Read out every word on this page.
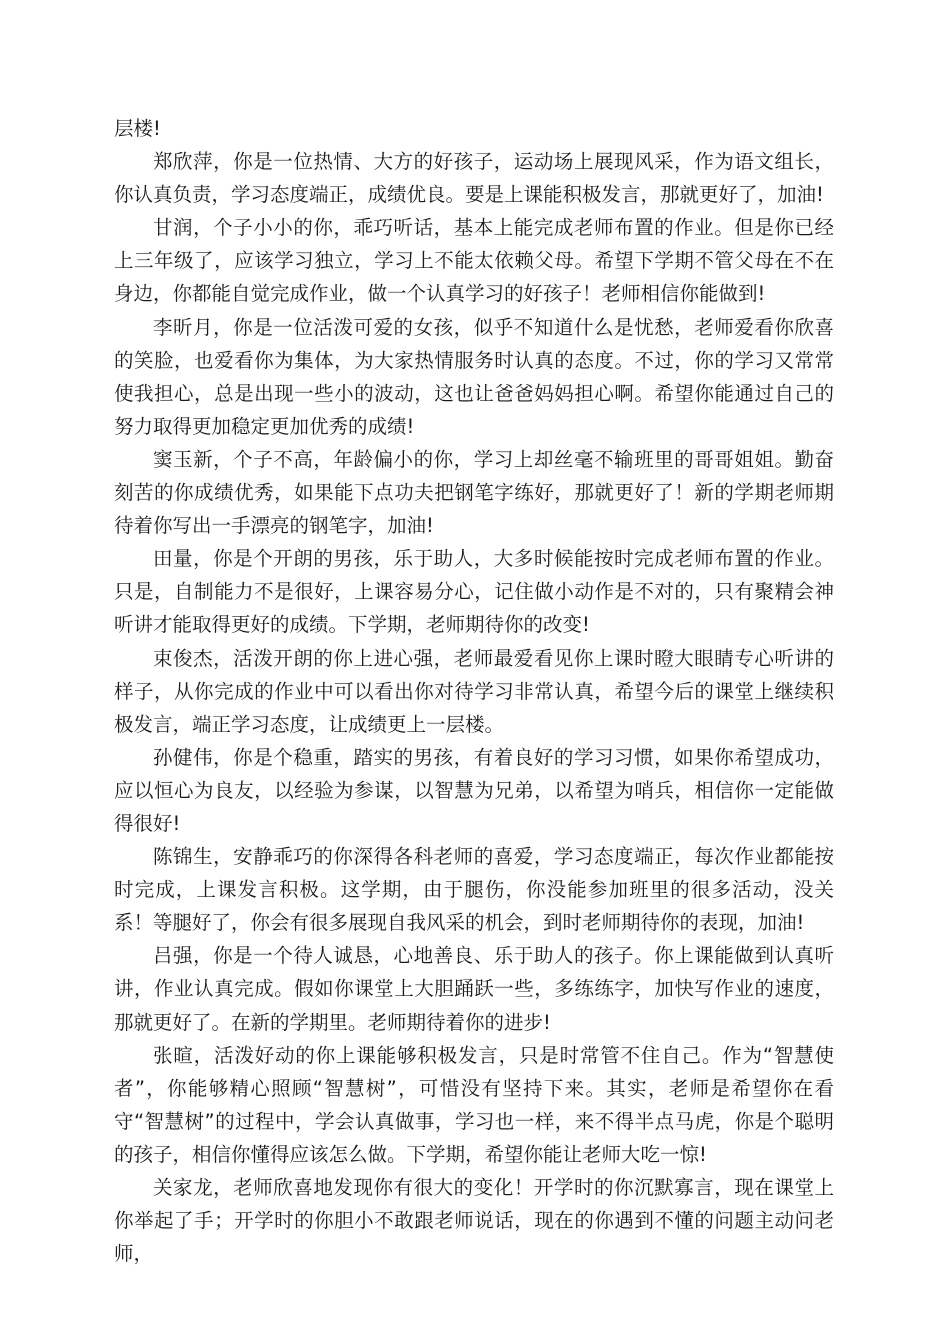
层楼!

郑欣萍，你是一位热情、大方的好孩子，运动场上展现风采，作为语文组长，你认真负责，学习态度端正，成绩优良。要是上课能积极发言，那就更好了，加油!

甘润，个子小小的你，乖巧听话，基本上能完成老师布置的作业。但是你已经上三年级了，应该学习独立，学习上不能太依赖父母。希望下学期不管父母在不在身边，你都能自觉完成作业，做一个认真学习的好孩子！老师相信你能做到!

李昕月，你是一位活泼可爱的女孩，似乎不知道什么是忧愁，老师爱看你欣喜的笑脸，也爱看你为集体，为大家热情服务时认真的态度。不过，你的学习又常常使我担心，总是出现一些小的波动，这也让爸爸妈妈担心啊。希望你能通过自己的努力取得更加稳定更加优秀的成绩!

窦玉新，个子不高，年龄偏小的你，学习上却丝毫不输班里的哥哥姐姐。勤奋刻苦的你成绩优秀，如果能下点功夫把钢笔字练好，那就更好了！新的学期老师期待着你写出一手漂亮的钢笔字，加油!

田量，你是个开朗的男孩，乐于助人，大多时候能按时完成老师布置的作业。只是，自制能力不是很好，上课容易分心，记住做小动作是不对的，只有聚精会神听讲才能取得更好的成绩。下学期，老师期待你的改变!

束俊杰，活泼开朗的你上进心强，老师最爱看见你上课时瞪大眼睛专心听讲的样子，从你完成的作业中可以看出你对待学习非常认真，希望今后的课堂上继续积极发言，端正学习态度，让成绩更上一层楼。

孙健伟，你是个稳重，踏实的男孩，有着良好的学习习惯，如果你希望成功，应以恒心为良友，以经验为参谋，以智慧为兄弟，以希望为哨兵，相信你一定能做得很好!

陈锦生，安静乖巧的你深得各科老师的喜爱，学习态度端正，每次作业都能按时完成，上课发言积极。这学期，由于腿伤，你没能参加班里的很多活动，没关系！等腿好了，你会有很多展现自我风采的机会，到时老师期待你的表现，加油!

吕强，你是一个待人诚恳，心地善良、乐于助人的孩子。你上课能做到认真听讲，作业认真完成。假如你课堂上大胆踊跃一些，多练练字，加快写作业的速度，那就更好了。在新的学期里。老师期待着你的进步!

张暄，活泼好动的你上课能够积极发言，只是时常管不住自己。作为“智慧使者”，你能够精心照顾“智慧树”，可惜没有坚持下来。其实，老师是希望你在看守“智慧树”的过程中，学会认真做事，学习也一样，来不得半点马虎，你是个聪明的孩子，相信你懂得应该怎么做。下学期，希望你能让老师大吃一惊!

关家龙，老师欣喜地发现你有很大的变化！开学时的你沉默寡言，现在课堂上你举起了手；开学时的你胆小不敢跟老师说话，现在的你遇到不懂的问题主动问老师，
